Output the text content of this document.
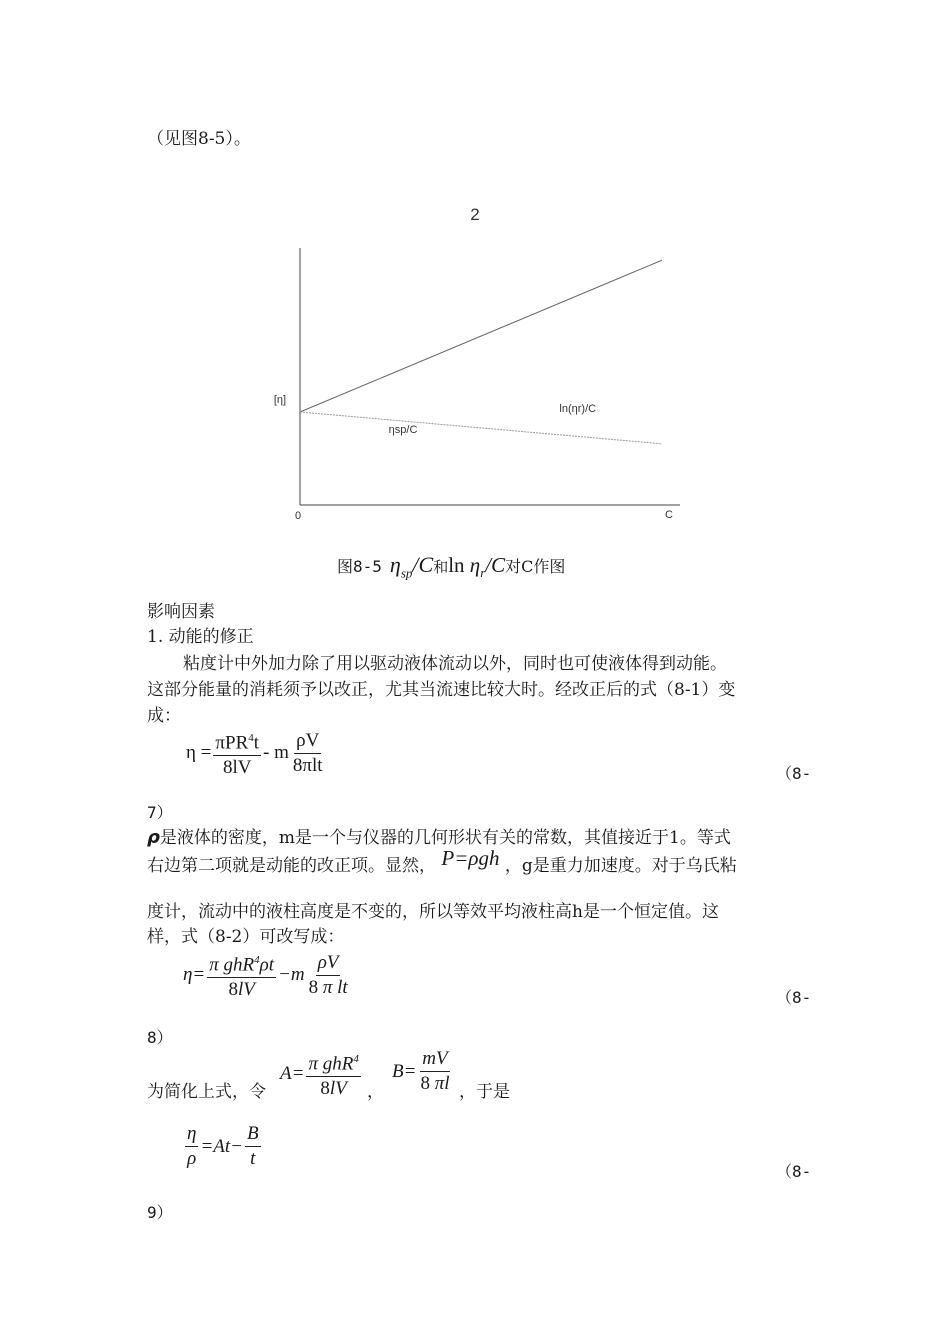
（见图8-5）。
2
0	C
[η]
ηsp/C
ln(ηr)/C
图8-5 $\eta_{sp}/C$ 和 $\ln \eta_r/C$ 对C作图
影响因素
1. 动能的修正
粘度计中外加力除了用以驱动液体流动以外，同时也可使液体得到动能。
这部分能量的消耗须予以改正，尤其当流速比较大时。经改正后的式（8-1）变
成：
$\eta = \frac{\pi PR^4t}{8lV} - m \frac{\rho V}{\text{8πlt}}$	（8-
7）
ρ是液体的密度，m是一个与仪器的几何形状有关的常数，其值接近于1。等式
右边第二项就是动能的改正项。显然， P=ρgh ，g是重力加速度。对于乌氏粘
度计，流动中的液柱高度是不变的，所以等效平均液柱高h是一个恒定值。这
样，式（8-2）可改写成：
$\eta= \frac{\pi ghR^4\rho t}{8lV} -m \frac{\rho V}{\text{8 π lt}}$	（8-
8）
为简化上式，令
$A= \frac{\pi ghR^4}{8lV}$ ，
$B= \frac{mV}{8 \pi l}$ ，于是
$\frac{\eta}{\rho} =At- \frac{B}{t}$
（8-
9）
